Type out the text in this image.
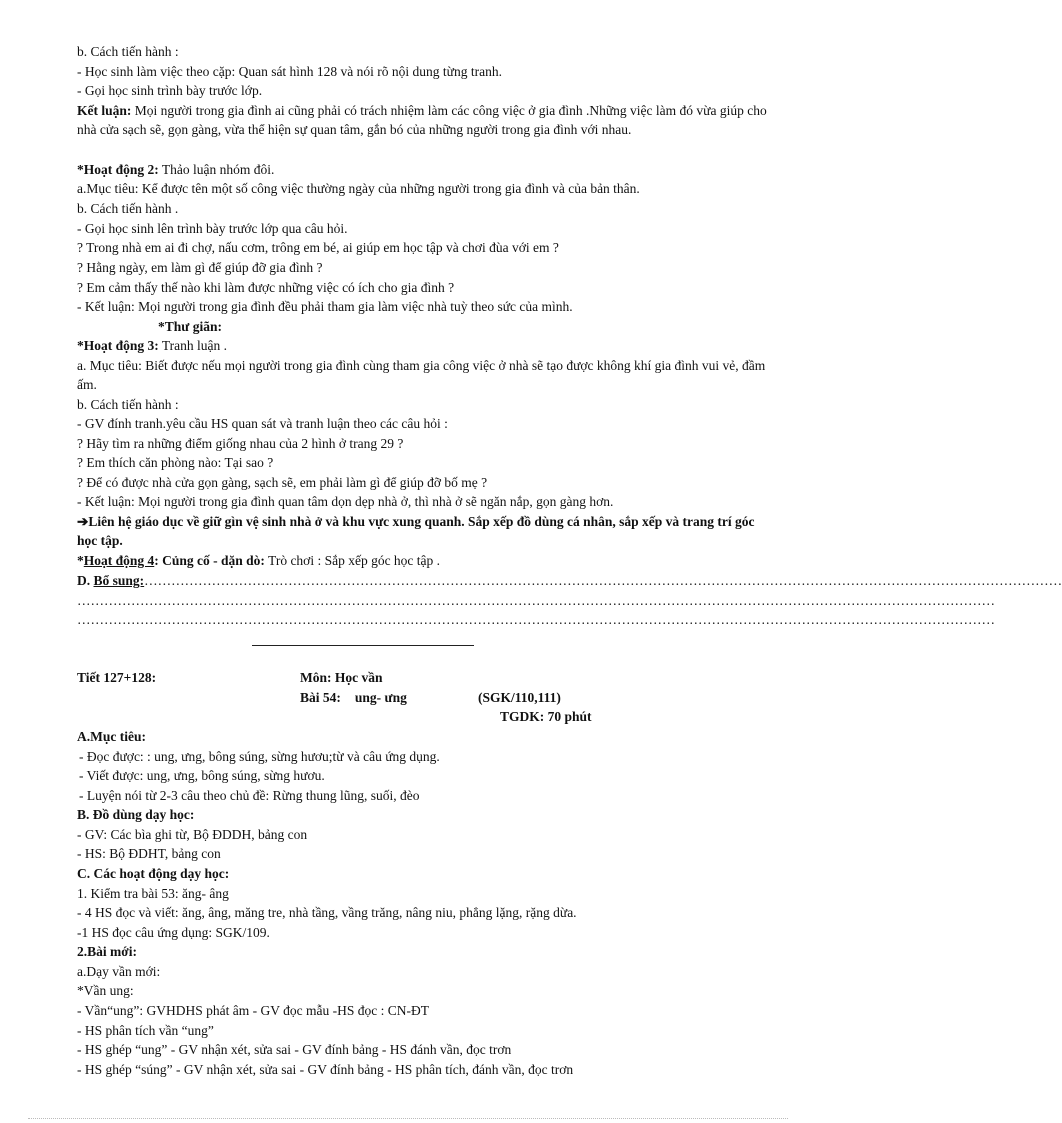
b. Cách tiến hành :
- Học sinh làm việc theo cặp: Quan sát hình 128 và nói rõ nội dung từng tranh.
- Gọi học sinh trình bày trước lớp.
Kết luận: Mọi người trong gia đình ai cũng phải có trách nhiệm làm các công việc ở gia đình .Những việc làm đó vừa giúp cho nhà cửa sạch sẽ, gọn gàng, vừa thể hiện sự quan tâm, gắn bó của những người trong gia đình với nhau.
*Hoạt động 2: Thảo luận nhóm đôi.
a.Mục tiêu: Kể được tên một số công việc thường ngày của những người trong gia đình và của bản thân.
b. Cách tiến hành .
- Gọi học sinh lên trình bày trước lớp qua câu hỏi.
? Trong nhà em ai đi chợ, nấu cơm, trông em bé, ai giúp em học tập và chơi đùa với em ?
? Hằng ngày, em làm gì để giúp đỡ gia đình ?
? Em cảm thấy thế nào khi làm được những việc có ích cho gia đình ?
- Kết luận: Mọi người trong gia đình đều phải tham gia làm việc nhà tuỳ theo sức của mình.
*Thư giãn:
*Hoạt động 3: Tranh luận .
a. Mục tiêu: Biết được nếu mọi người trong gia đình cùng tham gia công việc ở nhà sẽ tạo được không khí gia đình vui vẻ, đầm ấm.
b. Cách tiến hành :
- GV đính tranh.yêu cầu HS quan sát và tranh luận theo các câu hỏi :
? Hãy tìm ra những điểm giống nhau của 2 hình ở trang 29 ?
? Em thích căn phòng nào: Tại sao ?
? Để có được nhà cửa gọn gàng, sạch sẽ, em phải làm gì để giúp đỡ bố mẹ ?
- Kết luận: Mọi người trong gia đình quan tâm dọn dẹp nhà ở, thì nhà ở sẽ ngăn nắp, gọn gàng hơn.
➔Liên hệ giáo dục về giữ gìn vệ sinh nhà ở và khu vực xung quanh. Sắp xếp đồ dùng cá nhân, sắp xếp và trang trí góc học tập.
*Hoạt động 4: Củng cố - dặn dò: Trò chơi : Sắp xếp góc học tập .
D. Bổ sung:……………………………………………………………………………………………………………………………………………………………………………………
……………………………………………………………………………………………………………………………………………………………………………………
……………………………………………………………………………………………………………………………………………………………………………………
Tiết 127+128:	Môn: Học vần
Bài 54: ung- ưng	(SGK/110,111)
TGDK: 70 phút
A.Mục tiêu:
- Đọc được: : ung, ưng, bông súng, sừng hươu;từ và câu ứng dụng.
- Viết được: ung, ưng, bông súng, sừng hươu.
- Luyện nói từ 2-3 câu theo chủ đề: Rừng thung lũng, suối, đèo
B. Đồ dùng dạy học:
- GV: Các bìa ghi từ, Bộ ĐDDH, bảng con
- HS: Bộ ĐDHT, bảng con
C. Các hoạt động dạy học:
1. Kiểm tra bài 53: ăng- âng
- 4 HS đọc và viết: ăng, âng, măng tre, nhà tầng, vầng trăng, nâng niu, phẳng lặng, rặng dừa.
-1 HS đọc câu ứng dụng: SGK/109.
2.Bài mới:
a.Dạy vần mới:
*Vần ung:
- Vần“ung”: GVHDHS phát âm - GV đọc mẫu -HS đọc : CN-ĐT
- HS phân tích vần “ung”
- HS ghép “ung” - GV nhận xét, sửa sai - GV đính bảng - HS đánh vần, đọc trơn
- HS ghép “súng” - GV nhận xét, sửa sai - GV đính bảng - HS phân tích, đánh vần, đọc trơn
